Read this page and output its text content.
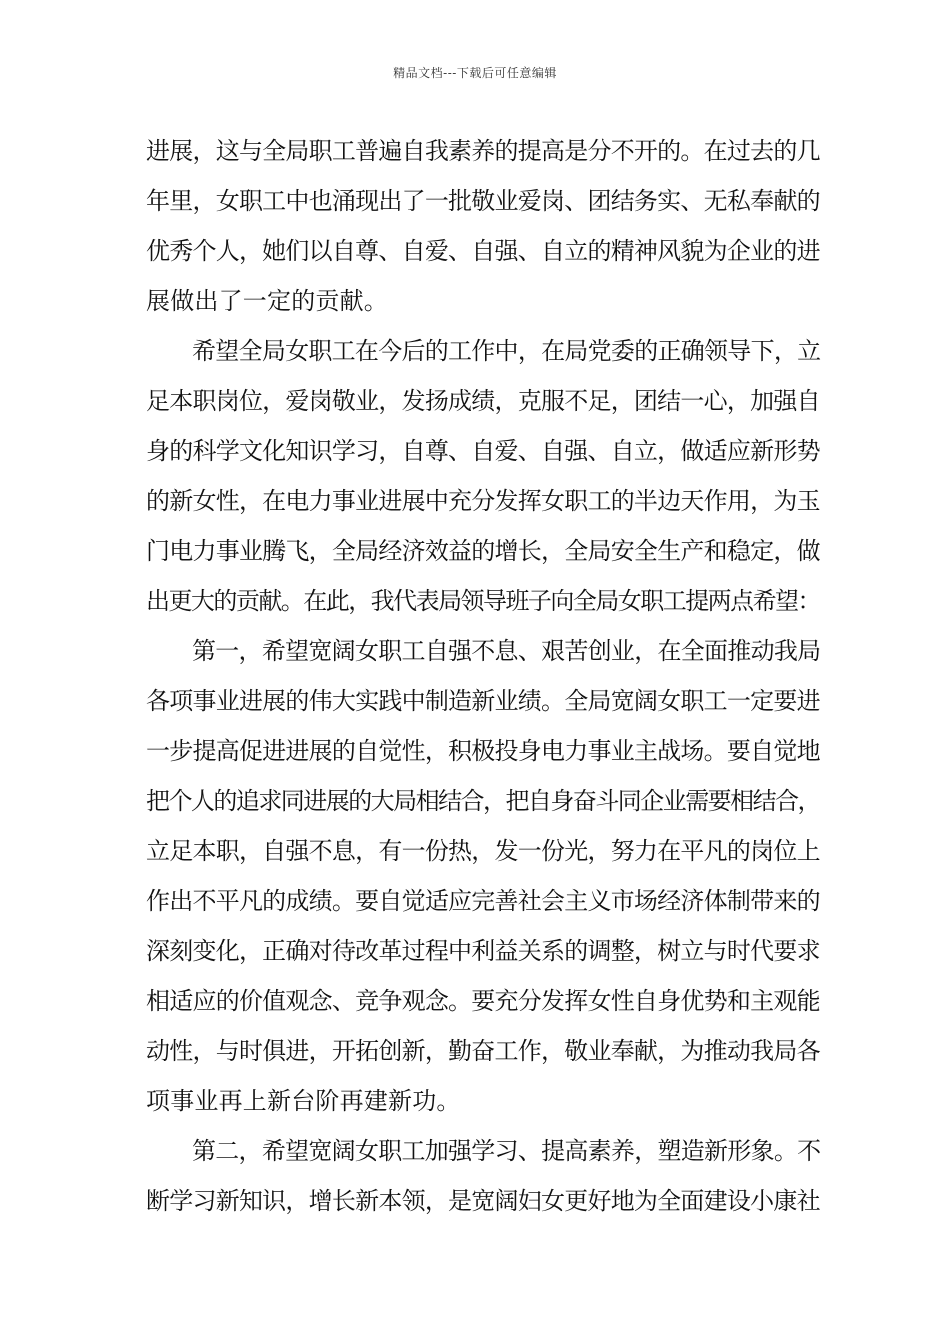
精品文档---下载后可任意编辑
进展，这与全局职工普遍自我素养的提高是分不开的。在过去的几
年里，女职工中也涌现出了一批敬业爱岗、团结务实、无私奉献的
优秀个人，她们以自尊、自爱、自强、自立的精神风貌为企业的进
展做出了一定的贡献。
希望全局女职工在今后的工作中，在局党委的正确领导下，立
足本职岗位，爱岗敬业，发扬成绩，克服不足，团结一心，加强自
身的科学文化知识学习，自尊、自爱、自强、自立，做适应新形势
的新女性，在电力事业进展中充分发挥女职工的半边天作用，为玉
门电力事业腾飞，全局经济效益的增长，全局安全生产和稳定，做
出更大的贡献。在此，我代表局领导班子向全局女职工提两点希望：
第一，希望宽阔女职工自强不息、艰苦创业，在全面推动我局
各项事业进展的伟大实践中制造新业绩。全局宽阔女职工一定要进
一步提高促进进展的自觉性，积极投身电力事业主战场。要自觉地
把个人的追求同进展的大局相结合，把自身奋斗同企业需要相结合，
立足本职，自强不息，有一份热，发一份光，努力在平凡的岗位上
作出不平凡的成绩。要自觉适应完善社会主义市场经济体制带来的
深刻变化，正确对待改革过程中利益关系的调整，树立与时代要求
相适应的价值观念、竞争观念。要充分发挥女性自身优势和主观能
动性，与时俱进，开拓创新，勤奋工作，敬业奉献，为推动我局各
项事业再上新台阶再建新功。
第二，希望宽阔女职工加强学习、提高素养，塑造新形象。不
断学习新知识，增长新本领，是宽阔妇女更好地为全面建设小康社
